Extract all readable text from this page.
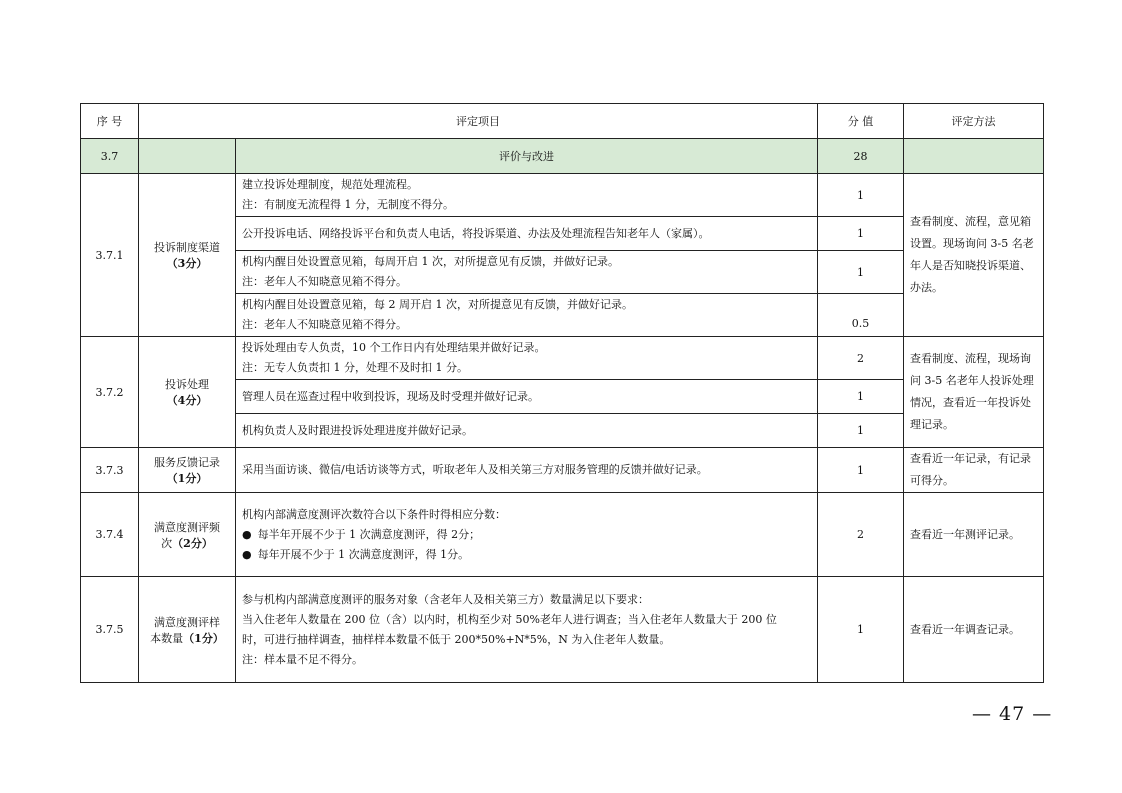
序 号	评定项目		分 值	评定方法
3.7		评价与改进	28	
3.7.1	投诉制度渠道
（3分）	建立投诉处理制度，规范处理流程。
注：有制度无流程得 1 分，无制度不得分。	1	查看制度、流程，意见箱设置。现场询问 3-5 名老年人是否知晓投诉渠道、办法。

		公开投诉电话、网络投诉平台和负责人电话，将投诉渠道、办法及处理流程告知老年人（家属）。	1	

		机构内醒目处设置意见箱，每周开启 1 次，对所提意见有反馈，并做好记录。
注：老年人不知晓意见箱不得分。	1	

		机构内醒目处设置意见箱，每 2 周开启 1 次，对所提意见有反馈，并做好记录。
注：老年人不知晓意见箱不得分。	0.5	
3.7.2	投诉处理
（4分）	投诉处理由专人负责，10 个工作日内有处理结果并做好记录。
注：无专人负责扣 1 分，处理不及时扣 1 分。	2	查看制度、流程，现场询问 3-5 名老年人投诉处理情况，查看近一年投诉处理记录。

		管理人员在巡查过程中收到投诉，现场及时受理并做好记录。	1	

		机构负责人及时跟进投诉处理进度并做好记录。	1	
3.7.3	服务反馈记录
（1分）	采用当面访谈、微信/电话访谈等方式，听取老年人及相关第三方对服务管理的反馈并做好记录。	1	查看近一年记录，有记录可得分。
3.7.4	满意度测评频
次（2分）	机构内部满意度测评次数符合以下条件时得相应分数：
● 每半年开展不少于 1 次满意度测评，得 2分；
● 每年开展不少于 1 次满意度测评，得 1分。	2	查看近一年测评记录。
3.7.5	满意度测评样
本数量（1分）	参与机构内部满意度测评的服务对象（含老年人及相关第三方）数量满足以下要求：
当入住老年人数量在 200 位（含）以内时，机构至少对 50%老年人进行调查；当入住老年人数量大于 200 位
时，可进行抽样调查，抽样样本数量不低于 200*50%+N*5%，N 为入住老年人数量。
注：样本量不足不得分。	1	查看近一年调查记录。
— 47 —
